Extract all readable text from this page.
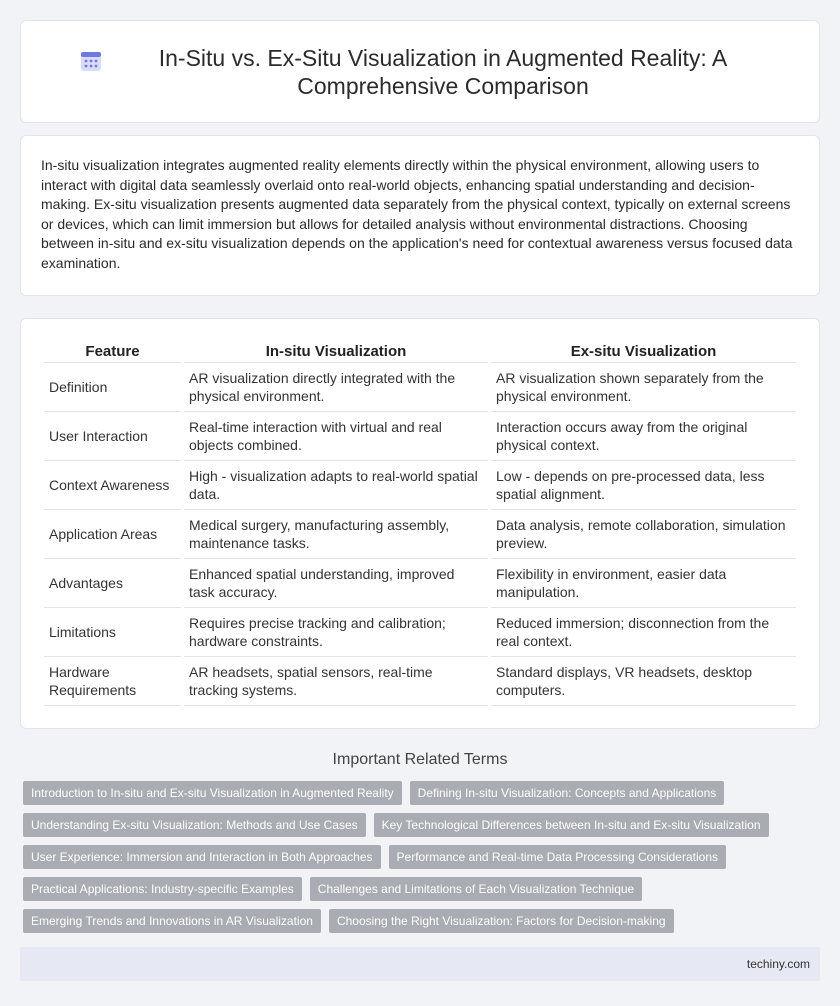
In-Situ vs. Ex-Situ Visualization in Augmented Reality: A Comprehensive Comparison

In-situ visualization integrates augmented reality elements directly within the physical environment, allowing users to interact with digital data seamlessly overlaid onto real-world objects, enhancing spatial understanding and decision-making. Ex-situ visualization presents augmented data separately from the physical context, typically on external screens or devices, which can limit immersion but allows for detailed analysis without environmental distractions. Choosing between in-situ and ex-situ visualization depends on the application's need for contextual awareness versus focused data examination.

Feature	In-situ Visualization	Ex-situ Visualization
Definition	AR visualization directly integrated with the physical environment.	AR visualization shown separately from the physical environment.
User Interaction	Real-time interaction with virtual and real objects combined.	Interaction occurs away from the original physical context.
Context Awareness	High - visualization adapts to real-world spatial data.	Low - depends on pre-processed data, less spatial alignment.
Application Areas	Medical surgery, manufacturing assembly, maintenance tasks.	Data analysis, remote collaboration, simulation preview.
Advantages	Enhanced spatial understanding, improved task accuracy.	Flexibility in environment, easier data manipulation.
Limitations	Requires precise tracking and calibration; hardware constraints.	Reduced immersion; disconnection from the real context.
Hardware Requirements	AR headsets, spatial sensors, real-time tracking systems.	Standard displays, VR headsets, desktop computers.
Important Related Terms
Introduction to In-situ and Ex-situ Visualization in Augmented Reality	Defining In-situ Visualization: Concepts and Applications
Understanding Ex-situ Visualization: Methods and Use Cases	Key Technological Differences between In-situ and Ex-situ Visualization
User Experience: Immersion and Interaction in Both Approaches	Performance and Real-time Data Processing Considerations
Practical Applications: Industry-specific Examples	Challenges and Limitations of Each Visualization Technique
Emerging Trends and Innovations in AR Visualization	Choosing the Right Visualization: Factors for Decision-making
techiny.com
